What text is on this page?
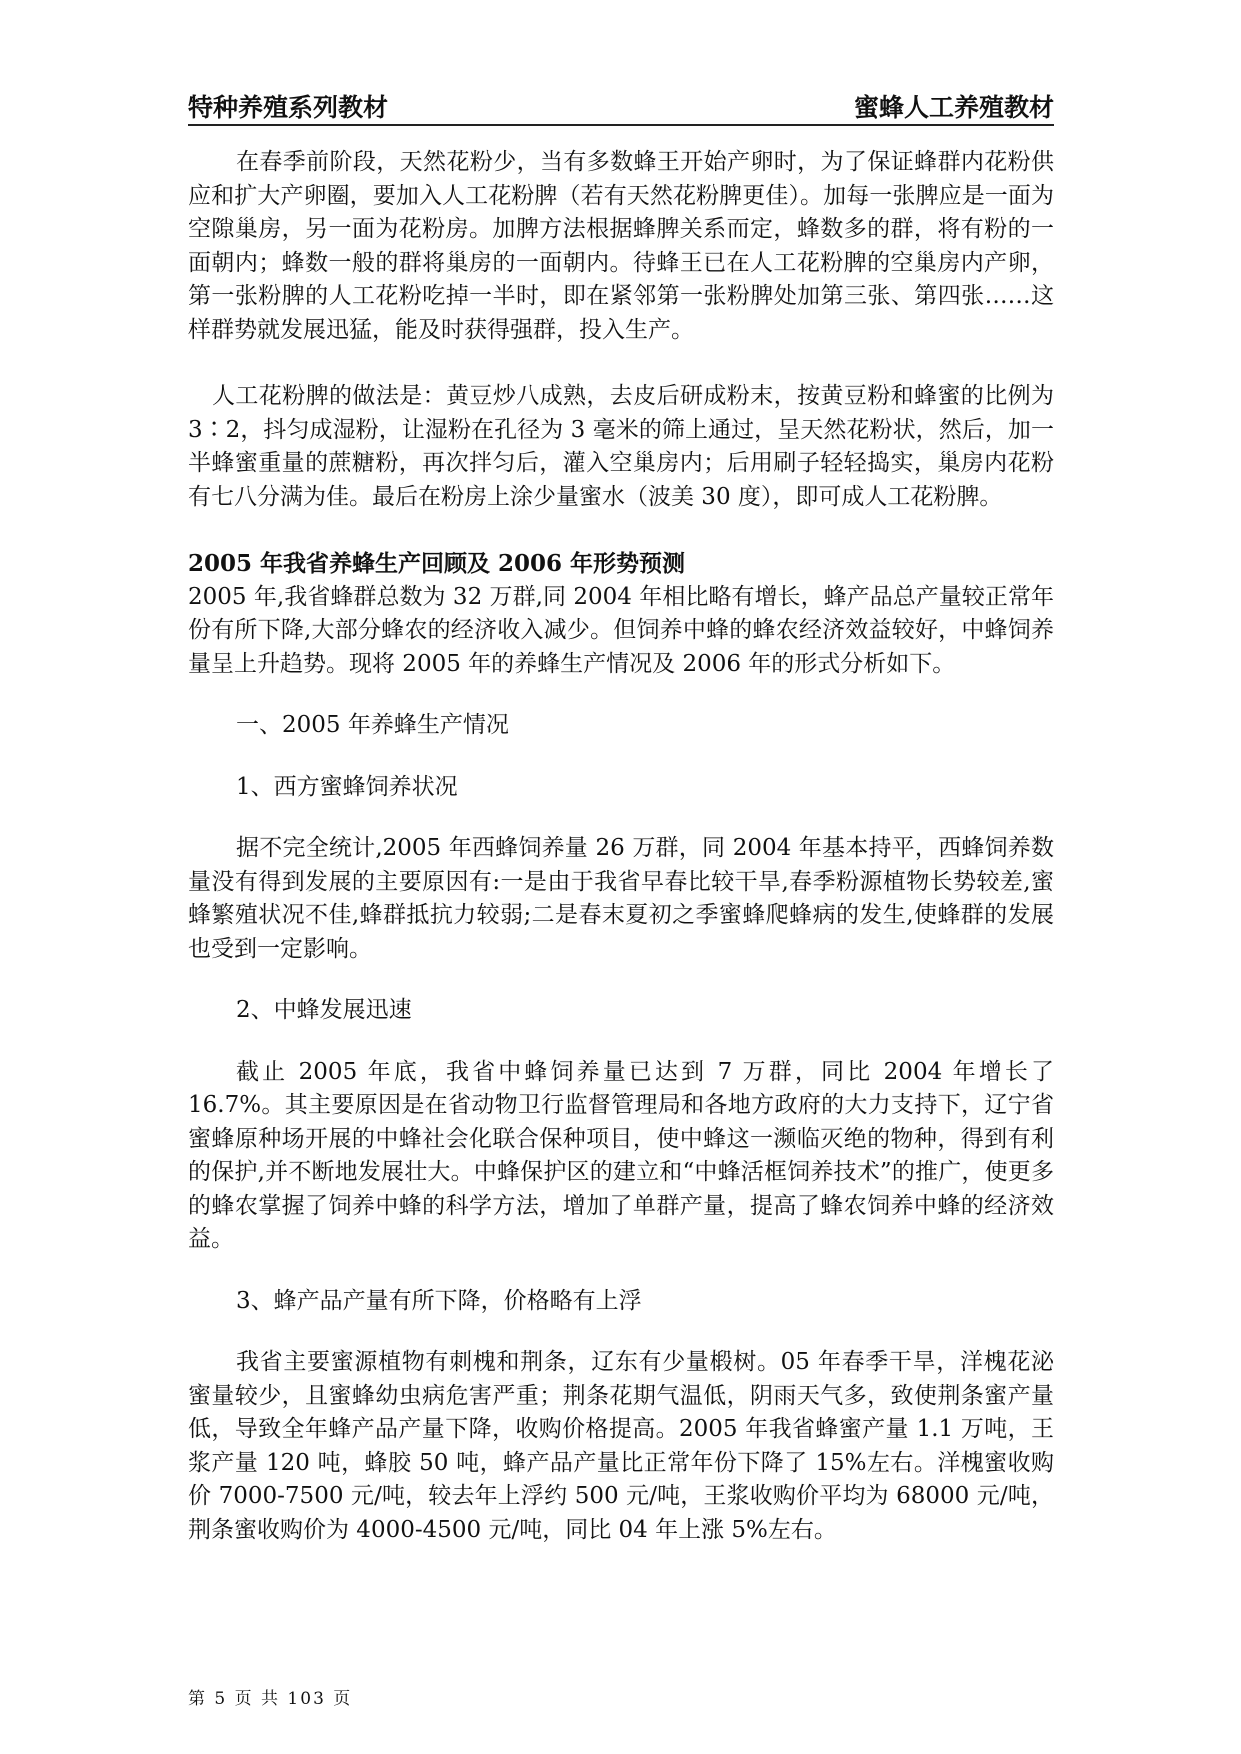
特种养殖系列教材	蜜蜂人工养殖教材

在春季前阶段，天然花粉少，当有多数蜂王开始产卵时，为了保证蜂群内花粉供应和扩大产卵圈，要加入人工花粉脾（若有天然花粉脾更佳）。加每一张脾应是一面为空隙巢房，另一面为花粉房。加脾方法根据蜂脾关系而定，蜂数多的群，将有粉的一面朝内；蜂数一般的群将巢房的一面朝内。待蜂王已在人工花粉脾的空巢房内产卵，第一张粉脾的人工花粉吃掉一半时，即在紧邻第一张粉脾处加第三张、第四张……这样群势就发展迅猛，能及时获得强群，投入生产。

人工花粉脾的做法是：黄豆炒八成熟，去皮后研成粉末，按黄豆粉和蜂蜜的比例为 3∶2，抖匀成湿粉，让湿粉在孔径为 3 毫米的筛上通过，呈天然花粉状，然后，加一半蜂蜜重量的蔗糖粉，再次拌匀后，灌入空巢房内；后用刷子轻轻捣实，巢房内花粉有七八分满为佳。最后在粉房上涂少量蜜水（波美 30 度），即可成人工花粉脾。

2005 年我省养蜂生产回顾及 2006 年形势预测

2005 年,我省蜂群总数为 32 万群,同 2004 年相比略有增长，蜂产品总产量较正常年份有所下降,大部分蜂农的经济收入减少。但饲养中蜂的蜂农经济效益较好，中蜂饲养量呈上升趋势。现将 2005 年的养蜂生产情况及 2006 年的形式分析如下。

一、2005 年养蜂生产情况

1、西方蜜蜂饲养状况

据不完全统计,2005 年西蜂饲养量 26 万群，同 2004 年基本持平，西蜂饲养数量没有得到发展的主要原因有:一是由于我省早春比较干旱,春季粉源植物长势较差,蜜蜂繁殖状况不佳,蜂群抵抗力较弱;二是春末夏初之季蜜蜂爬蜂病的发生,使蜂群的发展也受到一定影响。

2、中蜂发展迅速

截止 2005 年底，我省中蜂饲养量已达到 7 万群，同比 2004 年增长了 16.7%。其主要原因是在省动物卫行监督管理局和各地方政府的大力支持下，辽宁省蜜蜂原种场开展的中蜂社会化联合保种项目，使中蜂这一濒临灭绝的物种，得到有利的保护,并不断地发展壮大。中蜂保护区的建立和“中蜂活框饲养技术”的推广，使更多的蜂农掌握了饲养中蜂的科学方法，增加了单群产量，提高了蜂农饲养中蜂的经济效益。

3、蜂产品产量有所下降，价格略有上浮

我省主要蜜源植物有刺槐和荆条，辽东有少量椴树。05 年春季干旱，洋槐花泌蜜量较少，且蜜蜂幼虫病危害严重；荆条花期气温低，阴雨天气多，致使荆条蜜产量低，导致全年蜂产品产量下降，收购价格提高。2005 年我省蜂蜜产量 1.1 万吨，王浆产量 120 吨，蜂胶 50 吨，蜂产品产量比正常年份下降了 15%左右。洋槐蜜收购价 7000-7500 元/吨，较去年上浮约 500 元/吨，王浆收购价平均为 68000 元/吨，荆条蜜收购价为 4000-4500 元/吨，同比 04 年上涨 5%左右。

第 5 页 共 103 页
